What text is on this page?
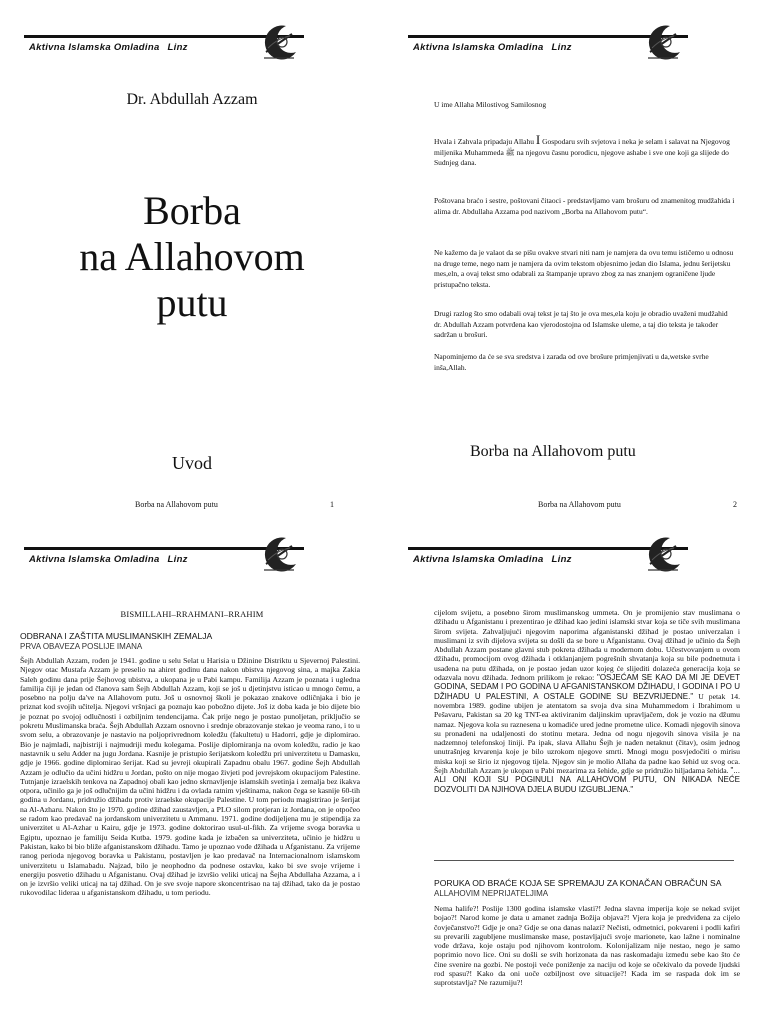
Aktivna Islamska Omladina Linz
Dr. Abdullah Azzam
Borba
na Allahovom
putu
Uvod
Borba na Allahovom putu	1
Aktivna Islamska Omladina Linz
U ime Allaha Milostivog Samilosnog
Hvala i Zahvala pripadaju Allahu I Gospodaru svih svjetova i neka je selam i salavat na Njegovog miljenika Muhammeda ﷺ na njegovu časnu porodicu, njegove ashabe i sve one koji ga slijede do Sudnjeg dana.
Poštovana braćo i sestre, poštovani čitaoci - predstavljamo vam brošuru od znamenitog mudžahida i alima dr. Abdullaha Azzama pod nazivom „Borba na Allahovom putu“.
Ne kažemo da je valaot da se pišu ovakve stvari niti nam je namjera da ovu temu ističemo u odnosu na druge teme, nego nam je namjera da ovim tekstom objesnimo jedan dio Islama, jednu šerijetsku mes,eln, a ovaj tekst smo odabrali za štampanje upravo zbog za nas znanjem ograničene ljude pristupačno teksta.
Drugi razlog što smo odabali ovaj tekst je taj što je ova mes,ela koju je obradio uvaženi mudžahid dr. Abdullah Azzam potvrđena kao vjerodostojna od Islamske uleme, a taj dio teksta je također sadržan u brošuri.
Napominjemo da će se sva sredstva i zarada od ove brošure primjenjivati u da,wetske svrhe inša,Allah.
Borba na Allahovom putu
Borba na Allahovom putu	2
Aktivna Islamska Omladina Linz
BISMILLAHI–RRAHMANI–RRAHIM
ODBRANA I ZAŠTITA MUSLIMANSKIH ZEMALJA
PRVA OBAVEZA POSLIJE IMANA
Šejh Abdullah Azzam, rođen je 1941. godine u selu Selat u Harisia u Džinine Distriktu u Sjevernoj Palestini. Njegov otac Mustafa Azzam je preselio na ahiret godinu dana nakon ubistva njegovog sina, a majka Zakia Saleh godinu dana prije Šejhovog ubistva, a ukopana je u Pabi kampu. Familija Azzam je poznata i ugledna familija čiji je jedan od članova sam Šejh Abdullah Azzam, koji se još u djetinjstvu isticao u mnogo čemu, a posebno na polju da've na Allahovom putu. Još u osnovnoj školi je pokazao znakove odličnjaka i bio je priznat kod svojih učitelja. Njegovi vršnjaci ga poznaju kao pobožno dijete. Još iz doba kada je bio dijete bio je poznat po svojoj odlučnosti i ozbiljnim tendencijama. Čak prije nego je postao punoljetan, priključio se pokretu Muslimanska braća. Šejh Abdullah Azzam osnovno i srednje obrazovanje stekao je veoma rano, i to u svom selu, a obrazovanje je nastavio na poljoprivrednom koledžu (fakultetu) u Hadorri, gdje je diplomirao. Bio je najmlađi, najbistriji i najmudriji među kolegama. Poslije diplomiranja na ovom koledžu, radio je kao nastavnik u selu Adder na jugu Jordana. Kasnije je pristupio šerijatskom koledžu pri univerzitetu u Damasku, gdje je 1966. godine diplomirao šerijat. Kad su jevreji okupirali Zapadnu obalu 1967. godine Šejh Abdullah Azzam je odlučio da učini hidžru u Jordan, pošto on nije mogao živjeti pod jevrejskom okupacijom Palestine. Tutnjanje izraelskih tenkova na Zapadnoj obali kao jedno skrnavljenje islamskih svetinja i zemalja bez ikakva otpora, učinilo ga je još odlučnijim da učini hidžru i da ovlada ratnim vještinama, nakon čega se kasnije 60-tih godina u Jordanu, pridružio džihadu protiv izraelske okupacije Palestine. U tom periodu magistrirao je šerijat na Al-Azharu. Nakon što je 1970. godine džihad zaustavljen, a PLO silom protjeran iz Jordana, on je otpočeo se radom kao predavač na jordanskom univerzitetu u Ammanu. 1971. godine dodijeljena mu je stipendija za univerzitet u Al-Azhar u Kairu, gdje je 1973. godine doktorirao usul-ul-fikh. Za vrijeme svoga boravka u Egiptu, upoznao je familiju Seida Kutba. 1979. godine kada je izbačen sa univerziteta, učinio je hidžru u Pakistan, kako bi bio bliže afganistanskom džihadu. Tamo je upoznao vođe džihada u Afganistanu. Za vrijeme ranog perioda njegovog boravka u Pakistanu, postavljen je kao predavač na Internacionalnom islamskom univerzitetu u Islamabadu. Najzad, bilo je neophodno da podnese ostavku, kako bi sve svoje vrijeme i energiju posvetio džihadu u Afganistanu. Ovaj džihad je izvršio veliki uticaj na Šejha Abdullaha Azzama, a i on je izvršio veliki uticaj na taj džihad. On je sve svoje napore skoncentrisao na taj džihad, tako da je postao rukovodilac lideraa u afganistanskom džihadu, u tom periodu.
Aktivna Islamska Omladina Linz
cijelom svijetu, a posebno širom muslimanskog ummeta. On je promijenio stav muslimana o džihadu u Afganistanu i prezentirao je džihad kao jedini islamski stvar koja se tiče svih muslimana širom svijeta. Zahvaljujući njegovim naporima afganistanski džihad je postao univerzalan i muslimani iz svih dijelova svijeta su došli da se bore u Afganistanu. Ovaj džihad je učinio da Šejh Abdullah Azzam postane glavni stub pokreta džihada u modernom dobu. Učestvovanjem u ovom džihadu, promocijom ovog džihada i otklanjanjem pogrešnih shvatanja koja su bile podnetnuta i usađena na putu džihada, on je postao jedan uzor kojeg će slijediti dolazeća generacija koja se odazvala novu džihada. Jednom prilikom je rekao: "OSJEĆAM SE KAO DA MI JE DEVET GODINA, SEDAM I PO GODINA U AFGANISTANSKOM DŽIHADU, I GODINA I PO U DŽIHADU U PALESTINI, A OSTALE GODINE SU BEZVRIJEDNE." U petak 14. novembra 1989. godine ubijen je atentatom sa svoja dva sina Muhammedom i Ibrahimom u Pešavaru, Pakistan sa 20 kg TNT-ea aktiviranim daljinskim upravljačem, dok je vozio na džumu namaz. Njegova kola su raznesena u komadiće ured jedne prometne ulice. Komadi njegovih sinova su pronađeni na udaljenosti do stotinu metara. Jedna od nogu njegovih sinova visila je na nadzemnoj telefonskoj liniji. Pa ipak, slava Allahu Šejh je nađen netaknut (čitav), osim jednog unutrašnjeg krvarenja koje je bilo uzrokom njegove smrti. Mnogi mogu posvjedočiti o mirisu miska koji se širio iz njegovog tijela. Njegov sin je molio Allaha da padne kao šehid uz svog oca. Šejh Abdullah Azzam je ukopan u Pabi mezarima za šehide, gdje se pridružio hiljadama šehida. "... ALI ONI KOJI SU POGINULI NA ALLAHOVOM PUTU, ON NIKADA NEĆE DOZVOLITI DA NJIHOVA DJELA BUDU IZGUBLJENA."
PORUKA OD BRAĆE KOJA SE SPREMAJU ZA KONAČAN OBRAČUN SA
ALLAHOVIM NEPRIJATELJIMA
Nema halife?! Poslije 1300 godina islamske vlasti?! Jedna slavna imperija koje se nekad svijet bojao?! Narod kome je data u amanet zadnja Božija objava?! Vjera koja je predviđena za cijelo čovječanstvo?! Gdje je ona? Gdje se ona danas nalazi? Nečisti, odmetnici, pokvareni i podli kafiri su prevarili zagubljene muslimanske mase, postavljajući svoje marionete, kao lažne i nominalne vođe država, koje ostaju pod njihovom kontrolom. Kolonijalizam nije nestao, nego je samo poprimio novo lice. Oni su došli se svih horizonata da nas raskomadaju između sebe kao što će čine svenire na gozbi. Ne postoji veće poniženje za naciju od koje se očekivalo da povede ljudski rod spasu?! Kako da oni uoče ozbiljnost ove situacije?! Kada im se raspada dok im se suprotstavlja? Ne razumiju?!
